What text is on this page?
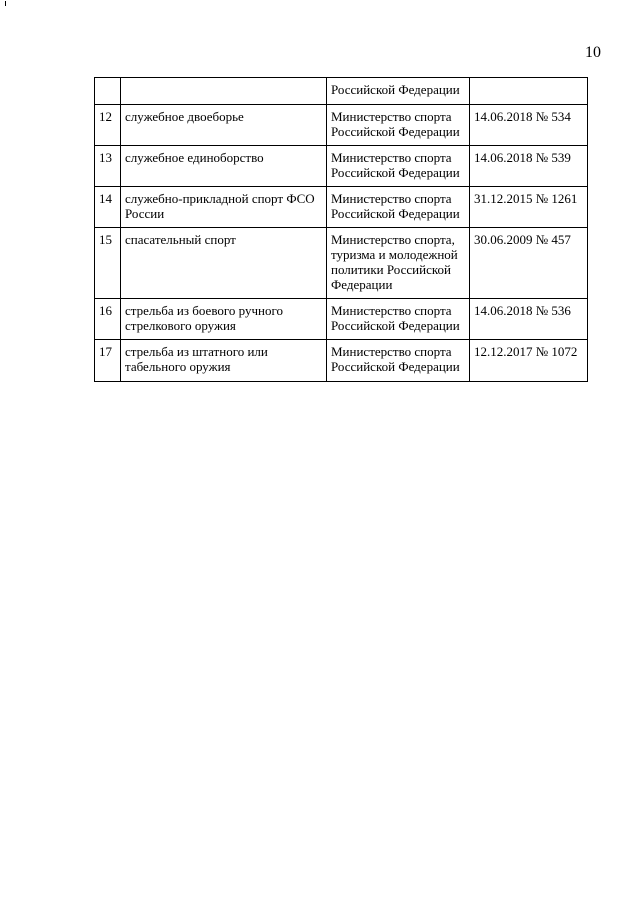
10
		Российской Федерации	
12	служебное двоеборье	Министерство спорта Российской Федерации	14.06.2018 № 534
13	служебное единоборство	Министерство спорта Российской Федерации	14.06.2018 № 539
14	служебно-прикладной спорт ФСО России	Министерство спорта Российской Федерации	31.12.2015 № 1261
15	спасательный спорт	Министерство спорта, туризма и молодежной политики Российской Федерации	30.06.2009 № 457
16	стрельба из боевого ручного стрелкового оружия	Министерство спорта Российской Федерации	14.06.2018 № 536
17	стрельба из штатного или табельного оружия	Министерство спорта Российской Федерации	12.12.2017 № 1072
